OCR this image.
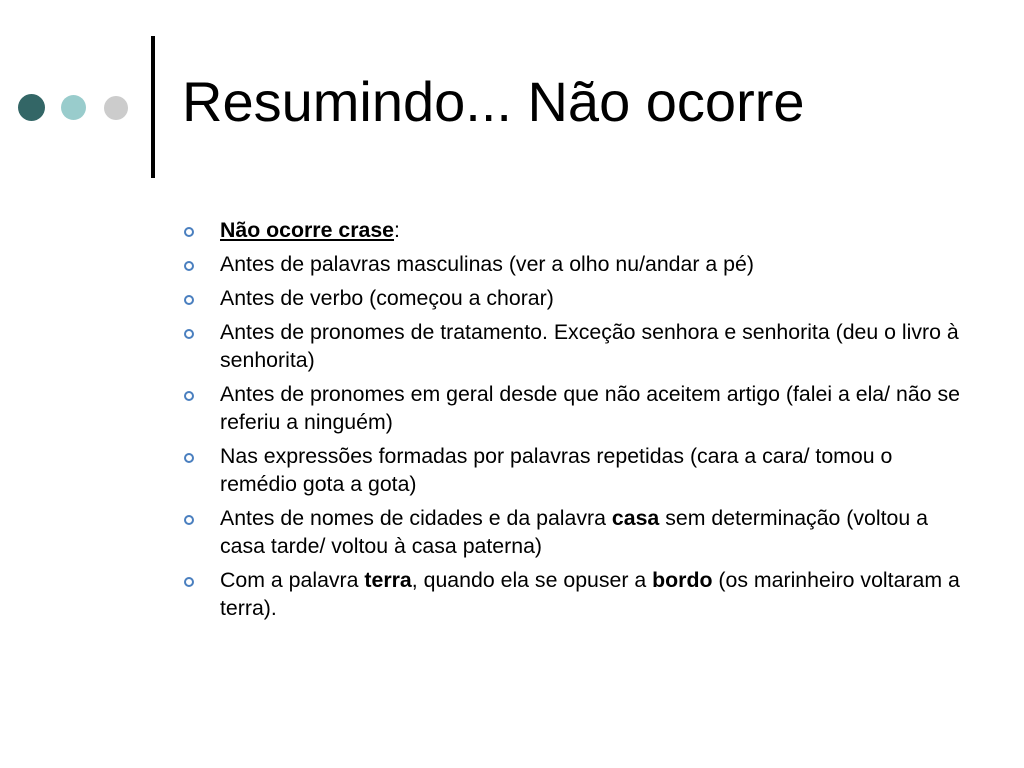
Resumindo... Não ocorre
Não ocorre crase:
Antes de palavras masculinas (ver a olho nu/andar a pé)
Antes de verbo (começou a chorar)
Antes de pronomes de tratamento. Exceção senhora e senhorita (deu o livro à senhorita)
Antes de pronomes em geral desde que não aceitem artigo (falei a ela/ não se referiu a ninguém)
Nas expressões formadas por palavras repetidas (cara a cara/ tomou o remédio gota a gota)
Antes de nomes de cidades e da palavra casa sem determinação (voltou a casa tarde/ voltou à casa paterna)
Com a palavra terra, quando ela se opuser a bordo (os marinheiro voltaram a terra).
